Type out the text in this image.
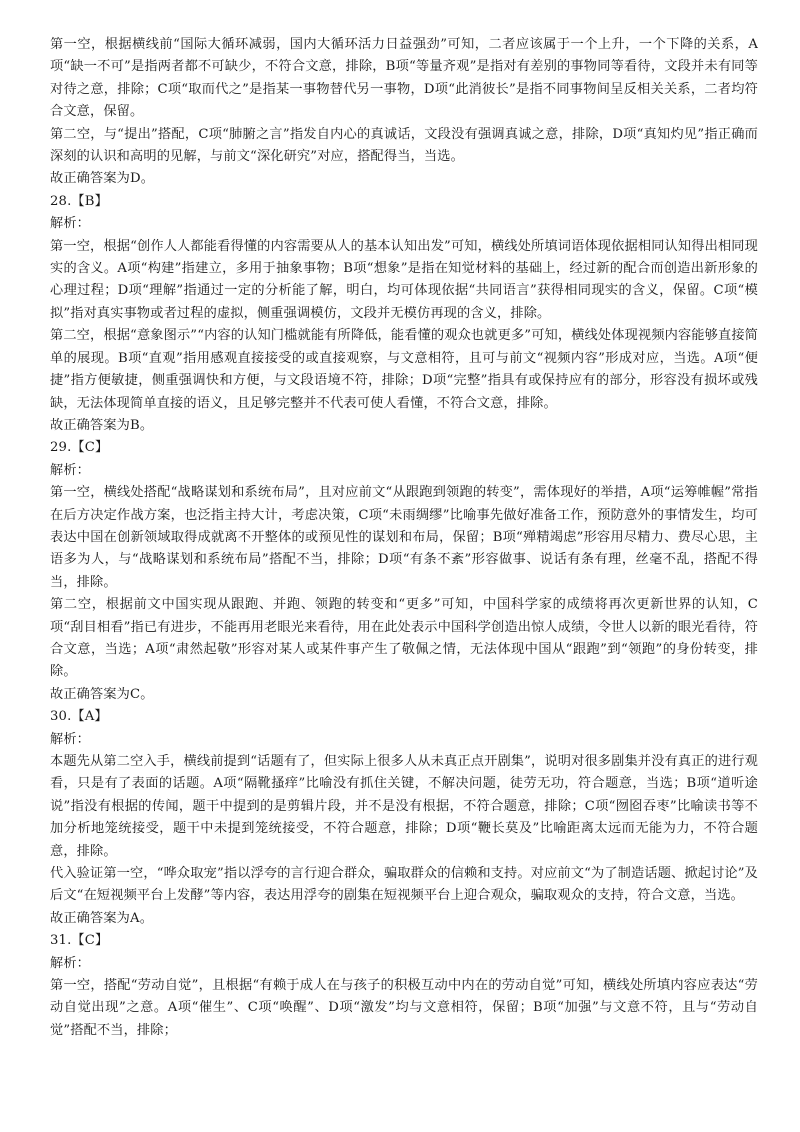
第一空，根据横线前“国际大循环减弱，国内大循环活力日益强劲”可知，二者应该属于一个上升，一个下降的关系，A项“缺一不可”是指两者都不可缺少，不符合文意，排除，B项“等量齐观”是指对有差别的事物同等看待，文段并未有同等对待之意，排除；C项“取而代之”是指某一事物替代另一事物，D项“此消彼长”是指不同事物间呈反相关关系，二者均符合文意，保留。

第二空，与“提出”搭配，C项“肺腑之言”指发自内心的真诚话，文段没有强调真诚之意，排除，D项“真知灼见”指正确而深刻的认识和高明的见解，与前文“深化研究”对应，搭配得当，当选。

故正确答案为D。

28.【B】

解析：

第一空，根据“创作人人都能看得懂的内容需要从人的基本认知出发”可知，横线处所填词语体现依据相同认知得出相同现实的含义。A项“构建”指建立，多用于抽象事物；B项“想象”是指在知觉材料的基础上，经过新的配合而创造出新形象的心理过程；D项“理解”指通过一定的分析能了解，明白，均可体现依据“共同语言”获得相同现实的含义，保留。C项“模拟”指对真实事物或者过程的虚拟，侧重强调模仿，文段并无模仿再现的含义，排除。

第二空，根据“意象图示”“内容的认知门槛就能有所降低，能看懂的观众也就更多”可知，横线处体现视频内容能够直接简单的展现。B项“直观”指用感观直接接受的或直接观察，与文意相符，且可与前文“视频内容”形成对应，当选。A项“便捷”指方便敏捷，侧重强调快和方便，与文段语境不符，排除；D项“完整”指具有或保持应有的部分，形容没有损坏或残缺，无法体现简单直接的语义，且足够完整并不代表可使人看懂，不符合文意，排除。

故正确答案为B。

29.【C】

解析：

第一空，横线处搭配“战略谋划和系统布局”，且对应前文“从跟跑到领跑的转变”，需体现好的举措，A项“运筹帷幄”常指在后方决定作战方案，也泛指主持大计，考虑决策，C项“未雨绸缪”比喻事先做好准备工作，预防意外的事情发生，均可表达中国在创新领域取得成就离不开整体的或预见性的谋划和布局，保留；B项“殚精竭虑”形容用尽精力、费尽心思，主语多为人，与“战略谋划和系统布局”搭配不当，排除；D项“有条不紊”形容做事、说话有条有理，丝毫不乱，搭配不得当，排除。

第二空，根据前文中国实现从跟跑、并跑、领跑的转变和“更多”可知，中国科学家的成绩将再次更新世界的认知，C项“刮目相看”指已有进步，不能再用老眼光来看待，用在此处表示中国科学创造出惊人成绩，令世人以新的眼光看待，符合文意，当选；A项“肃然起敬”形容对某人或某件事产生了敬佩之情，无法体现中国从“跟跑”到“领跑”的身份转变，排除。

故正确答案为C。

30.【A】

解析：

本题先从第二空入手，横线前提到“话题有了，但实际上很多人从未真正点开剧集”，说明对很多剧集并没有真正的进行观看，只是有了表面的话题。A项“隔靴搔痒”比喻没有抓住关键，不解决问题，徒劳无功，符合题意，当选；B项“道听途说”指没有根据的传闻，题干中提到的是剪辑片段，并不是没有根据，不符合题意，排除；C项“囫囵吞枣”比喻读书等不加分析地笼统接受，题干中未提到笼统接受，不符合题意，排除；D项“鞭长莫及”比喻距离太远而无能为力，不符合题意，排除。

代入验证第一空，“哗众取宠”指以浮夸的言行迎合群众，骗取群众的信赖和支持。对应前文“为了制造话题、掀起讨论”及后文“在短视频平台上发酵”等内容，表达用浮夸的剧集在短视频平台上迎合观众，骗取观众的支持，符合文意，当选。

故正确答案为A。

31.【C】

解析：

第一空，搭配“劳动自觉”，且根据“有赖于成人在与孩子的积极互动中内在的劳动自觉”可知，横线处所填内容应表达“劳动自觉出现”之意。A项“催生”、C项“唤醒”、D项“激发”均与文意相符，保留；B项“加强”与文意不符，且与“劳动自觉”搭配不当，排除；
